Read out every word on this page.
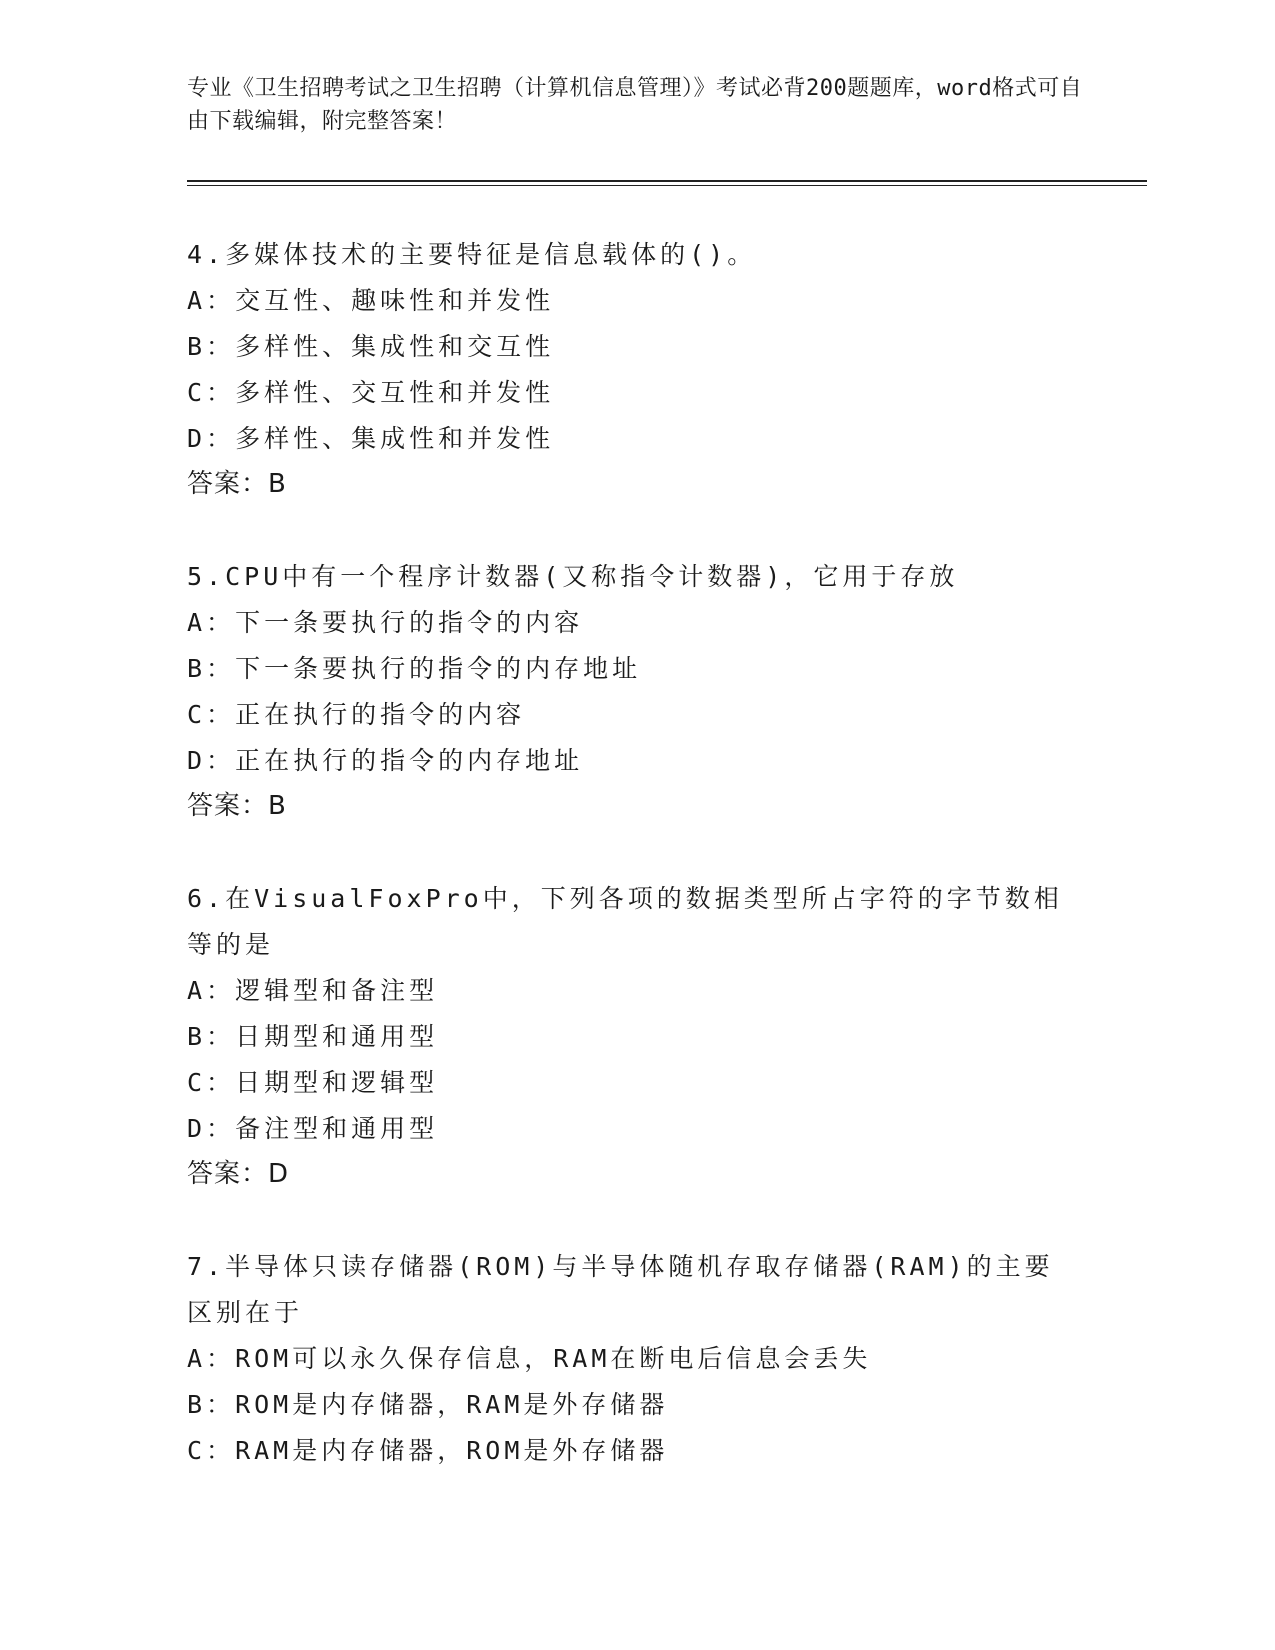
专业《卫生招聘考试之卫生招聘（计算机信息管理）》考试必背200题题库，word格式可自由下载编辑，附完整答案！
4.多媒体技术的主要特征是信息载体的()。
A：交互性、趣味性和并发性
B：多样性、集成性和交互性
C：多样性、交互性和并发性
D：多样性、集成性和并发性
答案：B
5.CPU中有一个程序计数器(又称指令计数器)，它用于存放
A：下一条要执行的指令的内容
B：下一条要执行的指令的内存地址
C：正在执行的指令的内容
D：正在执行的指令的内存地址
答案：B
6.在VisualFoxPro中，下列各项的数据类型所占字符的字节数相等的是
A：逻辑型和备注型
B：日期型和通用型
C：日期型和逻辑型
D：备注型和通用型
答案：D
7.半导体只读存储器(ROM)与半导体随机存取存储器(RAM)的主要区别在于
A：ROM可以永久保存信息，RAM在断电后信息会丢失
B：ROM是内存储器，RAM是外存储器
C：RAM是内存储器，ROM是外存储器
